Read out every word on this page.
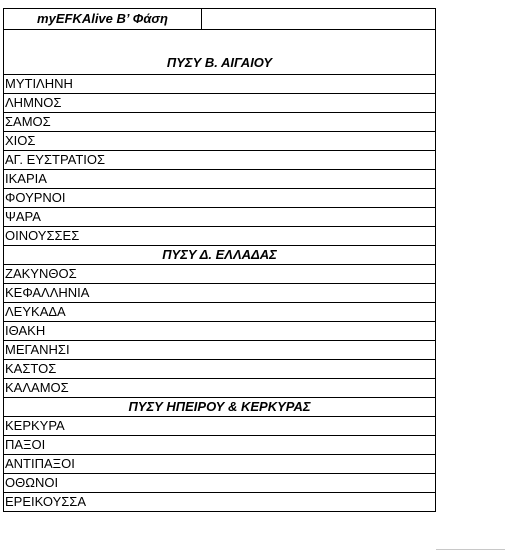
myEFKAlive B’ Φάση	
ΠΥΣΥ Β. ΑΙΓΑΙΟΥ
ΜΥΤΙΛΗΝΗ
ΛΗΜΝΟΣ
ΣΑΜΟΣ
ΧΙΟΣ
ΑΓ. ΕΥΣΤΡΑΤΙΟΣ
ΙΚΑΡΙΑ
ΦΟΥΡΝΟΙ
ΨΑΡΑ
ΟΙΝΟΥΣΣΕΣ
ΠΥΣΥ Δ. ΕΛΛΑΔΑΣ
ΖΑΚΥΝΘΟΣ
ΚΕΦΑΛΛΗΝΙΑ
ΛΕΥΚΑΔΑ
ΙΘΑΚΗ
ΜΕΓΑΝΗΣΙ
ΚΑΣΤΟΣ
ΚΑΛΑΜΟΣ
ΠΥΣΥ ΗΠΕΙΡΟΥ & ΚΕΡΚΥΡΑΣ
ΚΕΡΚΥΡΑ
ΠΑΞΟΙ
ΑΝΤΙΠΑΞΟΙ
ΟΘΩΝΟΙ
ΕΡΕΙΚΟΥΣΣΑ
